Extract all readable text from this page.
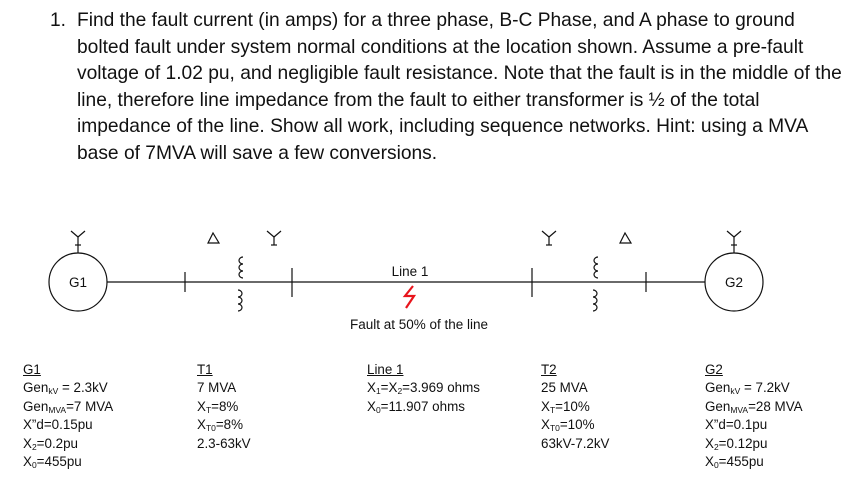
1. Find the fault current (in amps) for a three phase, B-C Phase, and A phase to ground bolted fault under system normal conditions at the location shown. Assume a pre-fault voltage of 1.02 pu, and negligible fault resistance. Note that the fault is in the middle of the line, therefore line impedance from the fault to either transformer is ½ of the total impedance of the line. Show all work, including sequence networks. Hint: using a MVA base of 7MVA will save a few conversions.
G1	G2
Line 1
Fault at 50% of the line
G1
Gen$_{kV}$ = 2.3kV
Gen$_{MVA}$=7 MVA
X”d=0.15pu
$X_2=0.2pu$
$X_0=455pu$
T1
7 MVA
$X_T=8\%$
$X_{T0}=8\%$
2.3-63kV
Line 1
$X_1=X_2=3.969$ ohms
$X_0=11.907$ ohms
T2
25 MVA
$X_T=10\%$
$X_{T0}=10\%$
63kV-7.2kV
G2
Gen$_{kV}$ = 7.2kV
Gen$_{MVA}$=28 MVA
X”d=0.1pu
$X_2=0.12pu$
$X_0=455pu$
